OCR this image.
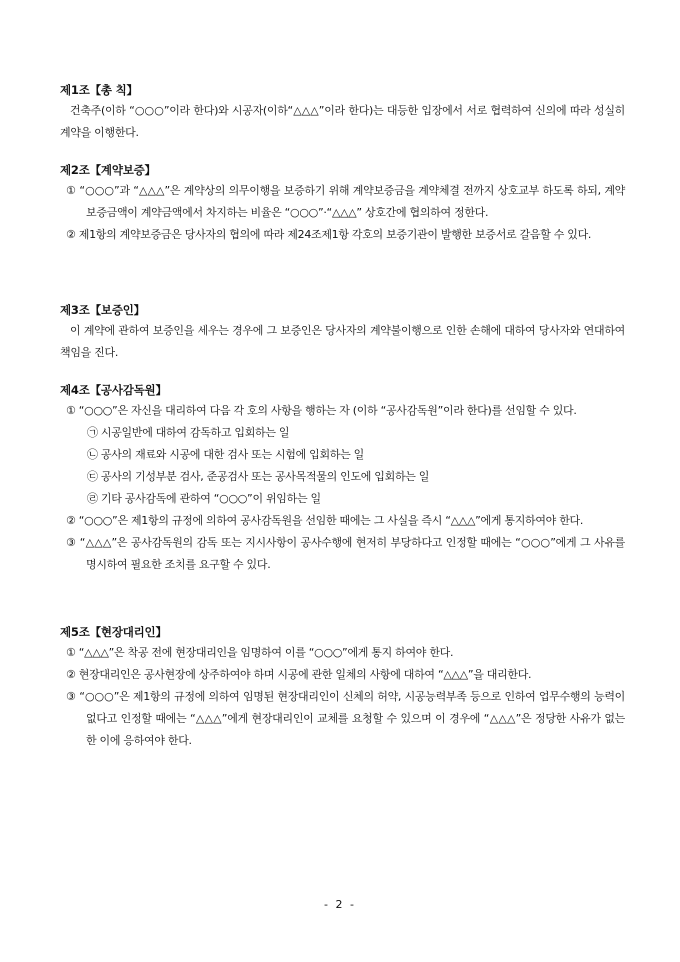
제1조【총 칙】

건축주(이하 “○○○”이라 한다)와 시공자(이하“△△△”이라 한다)는 대등한 입장에서 서로 협력하여 신의에 따라 성실히 계약을 이행한다.

제2조【계약보증】

① “○○○”과 “△△△”은 계약상의 의무이행을 보증하기 위해 계약보증금을 계약체결 전까지 상호교부 하도록 하되, 계약보증금액이 계약금액에서 차지하는 비율은 “○○○”·“△△△” 상호간에 협의하여 정한다.

② 제1항의 계약보증금은 당사자의 협의에 따라 제24조제1항 각호의 보증기관이 발행한 보증서로 갈음할 수 있다.

제3조【보증인】

이 계약에 관하여 보증인을 세우는 경우에 그 보증인은 당사자의 계약불이행으로 인한 손해에 대하여 당사자와 연대하여 책임을 진다.

제4조【공사감독원】

① “○○○”은 자신을 대리하여 다음 각 호의 사항을 행하는 자 (이하 “공사감독원”이라 한다)를 선임할 수 있다.

㉠ 시공일반에 대하여 감독하고 입회하는 일

㉡ 공사의 재료와 시공에 대한 검사 또는 시험에 입회하는 일

㉢ 공사의 기성부분 검사, 준공검사 또는 공사목적물의 인도에 입회하는 일

㉣ 기타 공사감독에 관하여 “○○○”이 위임하는 일

② “○○○”은 제1항의 규정에 의하여 공사감독원을 선임한 때에는 그 사실을 즉시 “△△△”에게 통지하여야 한다.

③ “△△△”은 공사감독원의 감독 또는 지시사항이 공사수행에 현저히 부당하다고 인정할 때에는 “○○○”에게 그 사유를 명시하여 필요한 조치를 요구할 수 있다.

제5조【현장대리인】

① “△△△”은 착공 전에 현장대리인을 임명하여 이를 “○○○”에게 통지 하여야 한다.

② 현장대리인은 공사현장에 상주하여야 하며 시공에 관한 일체의 사항에 대하여 “△△△”을 대리한다.

③ “○○○”은 제1항의 규정에 의하여 임명된 현장대리인이 신체의 허약, 시공능력부족 등으로 인하여 업무수행의 능력이 없다고 인정할 때에는 “△△△”에게 현장대리인이 교체를 요청할 수 있으며 이 경우에 “△△△”은 정당한 사유가 없는 한 이에 응하여야 한다.

- 2 -
